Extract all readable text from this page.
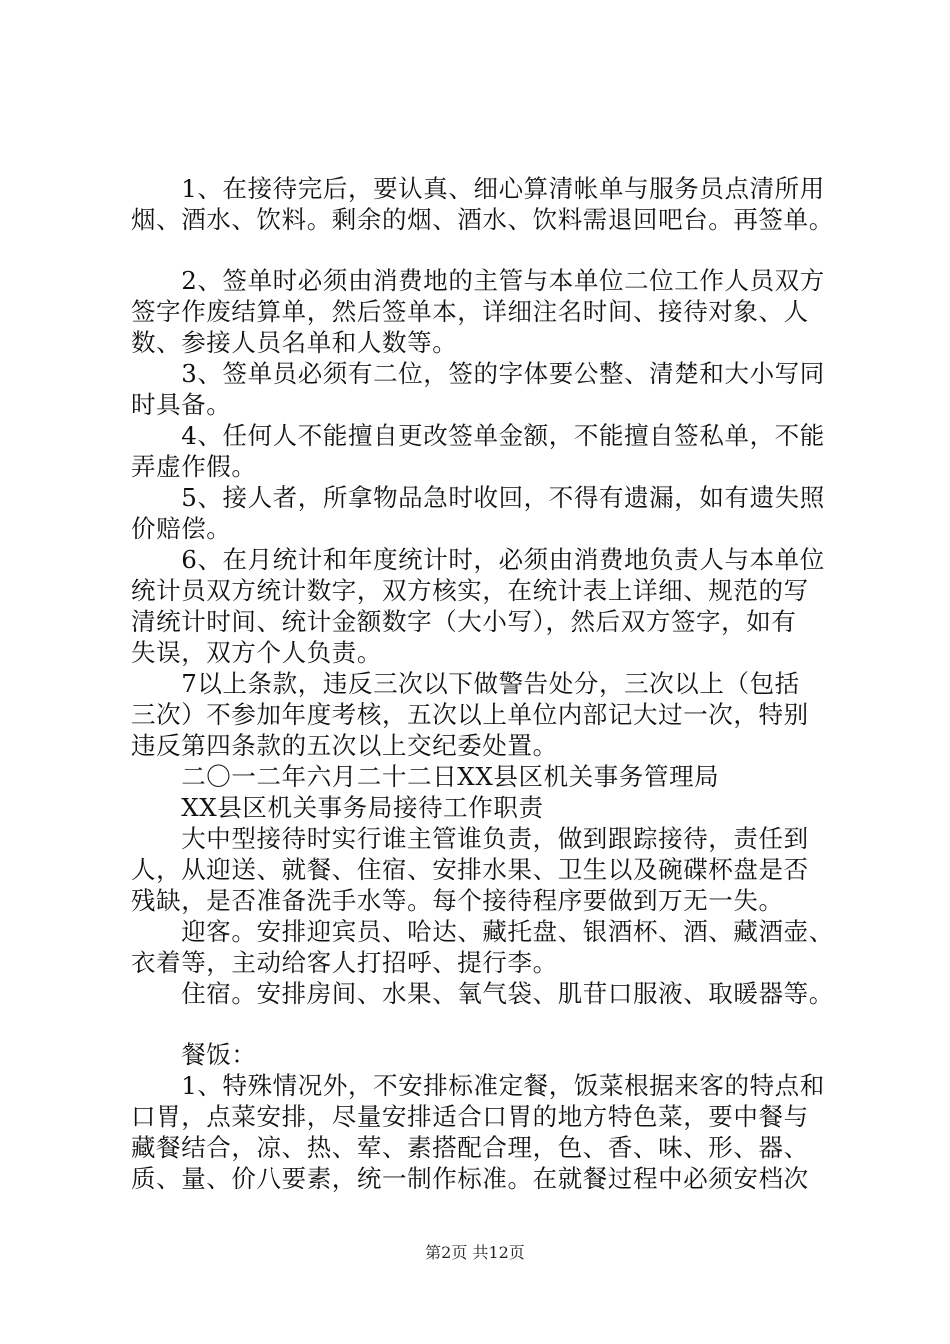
　　1、在接待完后，要认真、细心算清帐单与服务员点清所用
烟、酒水、饮料。剩余的烟、酒水、饮料需退回吧台。再签单。
　　2、签单时必须由消费地的主管与本单位二位工作人员双方
签字作废结算单，然后签单本，详细注名时间、接待对象、人
数、参接人员名单和人数等。
　　3、签单员必须有二位，签的字体要公整、清楚和大小写同
时具备。
　　4、任何人不能擅自更改签单金额，不能擅自签私单，不能
弄虚作假。
　　5、接人者，所拿物品急时收回，不得有遗漏，如有遗失照
价赔偿。
　　6、在月统计和年度统计时，必须由消费地负责人与本单位
统计员双方统计数字，双方核实，在统计表上详细、规范的写
清统计时间、统计金额数字（大小写），然后双方签字，如有
失误，双方个人负责。
　　7以上条款，违反三次以下做警告处分，三次以上（包括
三次）不参加年度考核，五次以上单位内部记大过一次，特别
违反第四条款的五次以上交纪委处置。
　　二〇一二年六月二十二日XX县区机关事务管理局
　　XX县区机关事务局接待工作职责
　　大中型接待时实行谁主管谁负责，做到跟踪接待，责任到
人，从迎送、就餐、住宿、安排水果、卫生以及碗碟杯盘是否
残缺，是否准备洗手水等。每个接待程序要做到万无一失。
　　迎客。安排迎宾员、哈达、藏托盘、银酒杯、酒、藏酒壶、
衣着等，主动给客人打招呼、提行李。
　　住宿。安排房间、水果、氧气袋、肌苷口服液、取暖器等。
　　餐饭：
　　1、特殊情况外，不安排标准定餐，饭菜根据来客的特点和
口胃，点菜安排，尽量安排适合口胃的地方特色菜，要中餐与
藏餐结合，凉、热、荤、素搭配合理，色、香、味、形、器、
质、量、价八要素，统一制作标准。在就餐过程中必须安档次
第2页 共12页
